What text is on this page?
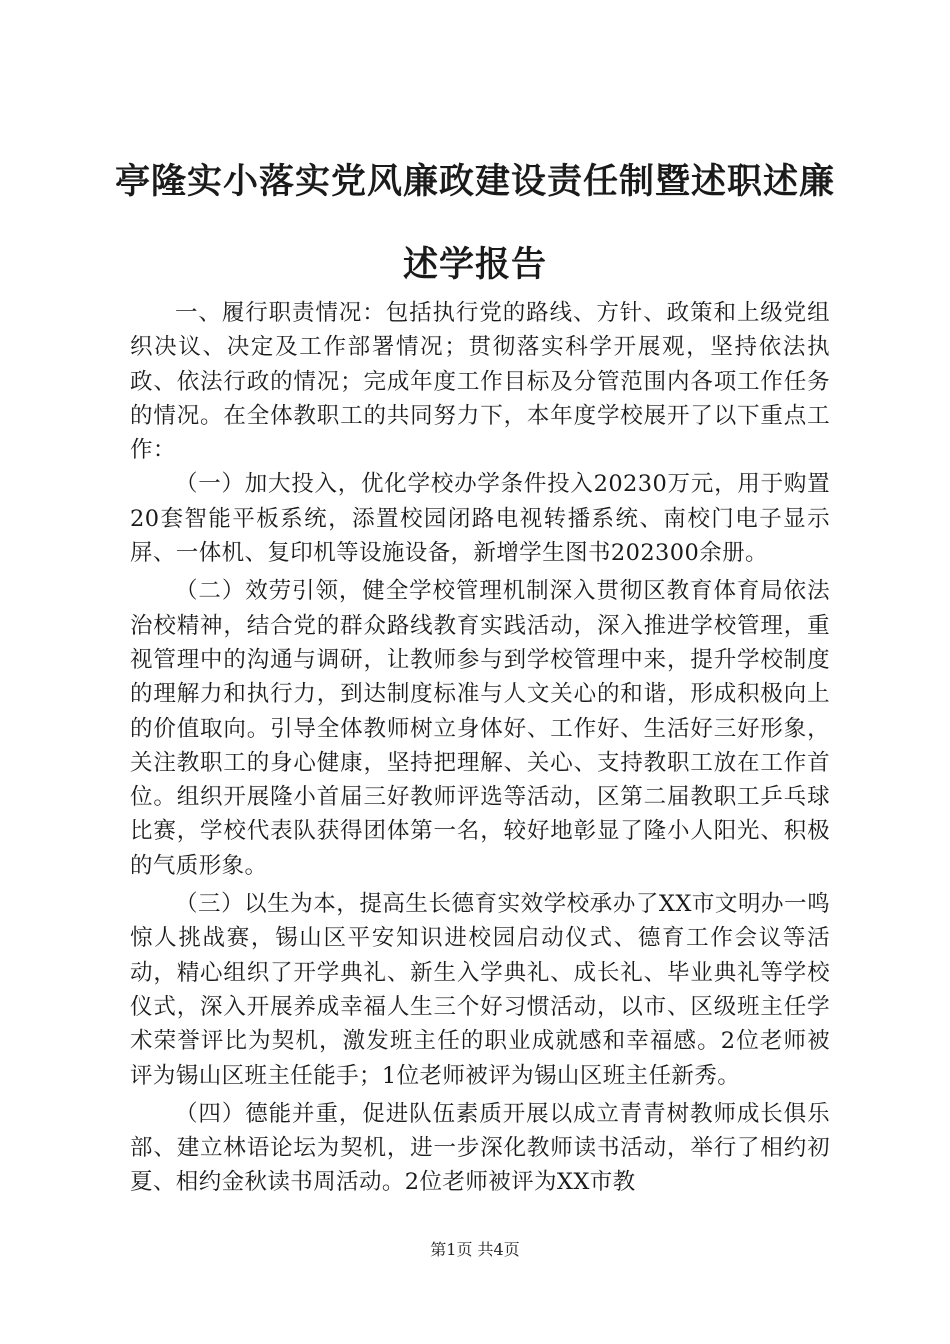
亭隆实小落实党风廉政建设责任制暨述职述廉
述学报告

一、履行职责情况：包括执行党的路线、方针、政策和上级党组织决议、决定及工作部署情况；贯彻落实科学开展观，坚持依法执政、依法行政的情况；完成年度工作目标及分管范围内各项工作任务的情况。在全体教职工的共同努力下，本年度学校展开了以下重点工作：

（一）加大投入，优化学校办学条件投入20230万元，用于购置20套智能平板系统，添置校园闭路电视转播系统、南校门电子显示屏、一体机、复印机等设施设备，新增学生图书202300余册。

（二）效劳引领，健全学校管理机制深入贯彻区教育体育局依法治校精神，结合党的群众路线教育实践活动，深入推进学校管理，重视管理中的沟通与调研，让教师参与到学校管理中来，提升学校制度的理解力和执行力，到达制度标准与人文关心的和谐，形成积极向上的价值取向。引导全体教师树立身体好、工作好、生活好三好形象，关注教职工的身心健康，坚持把理解、关心、支持教职工放在工作首位。组织开展隆小首届三好教师评选等活动，区第二届教职工乒乓球比赛，学校代表队获得团体第一名，较好地彰显了隆小人阳光、积极的气质形象。

（三）以生为本，提高生长德育实效学校承办了XX市文明办一鸣惊人挑战赛，锡山区平安知识进校园启动仪式、德育工作会议等活动，精心组织了开学典礼、新生入学典礼、成长礼、毕业典礼等学校仪式，深入开展养成幸福人生三个好习惯活动，以市、区级班主任学术荣誉评比为契机，激发班主任的职业成就感和幸福感。2位老师被评为锡山区班主任能手；1位老师被评为锡山区班主任新秀。

（四）德能并重，促进队伍素质开展以成立青青树教师成长俱乐部、建立林语论坛为契机，进一步深化教师读书活动，举行了相约初夏、相约金秋读书周活动。2位老师被评为XX市教

第1页 共4页
